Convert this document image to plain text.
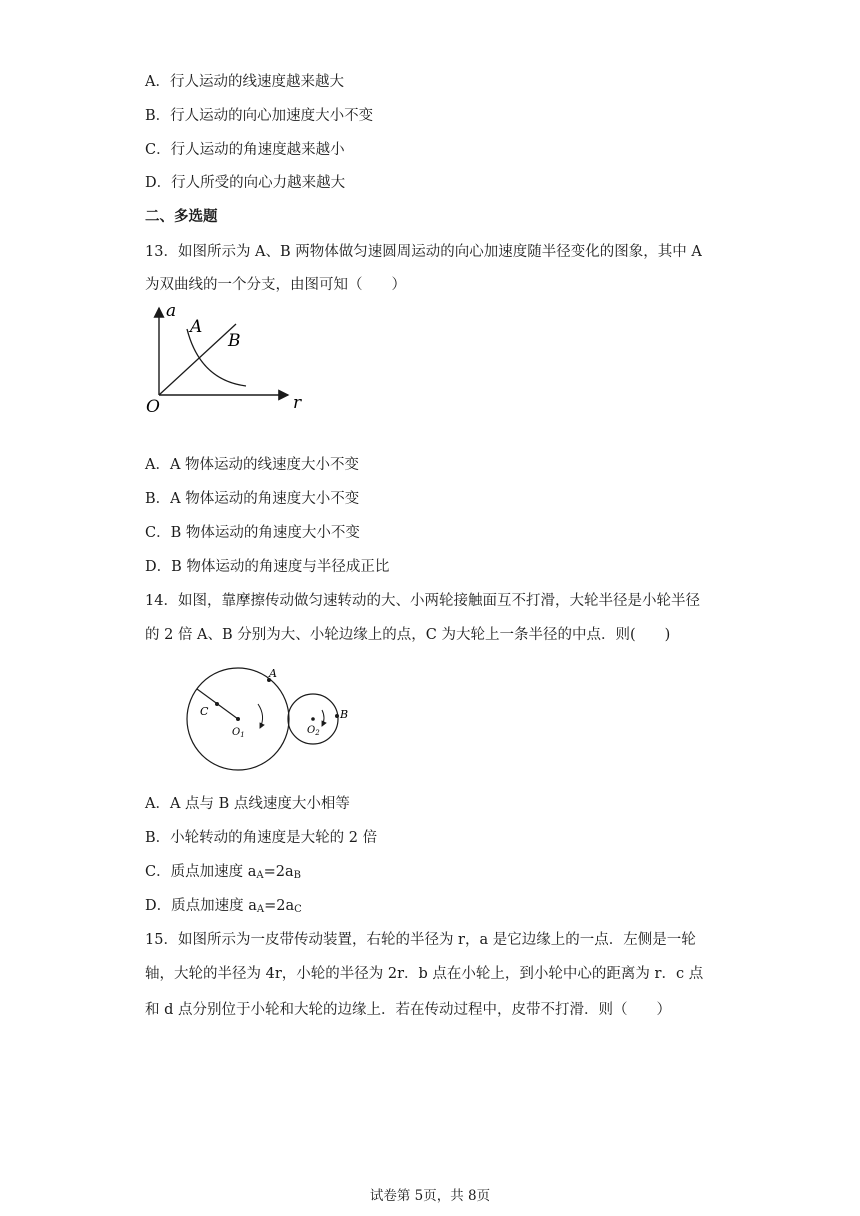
A．行人运动的线速度越来越大
B．行人运动的向心加速度大小不变
C．行人运动的角速度越来越小
D．行人所受的向心力越来越大
二、多选题
13．如图所示为 A、B 两物体做匀速圆周运动的向心加速度随半径变化的图象，其中 A
为双曲线的一个分支，由图可知（　　）
a
A
B
O	r
A．A 物体运动的线速度大小不变
B．A 物体运动的角速度大小不变
C．B 物体运动的角速度大小不变
D．B 物体运动的角速度与半径成正比
14．如图，靠摩擦传动做匀速转动的大、小两轮接触面互不打滑，大轮半径是小轮半径
的 2 倍 A、B 分别为大、小轮边缘上的点，C 为大轮上一条半径的中点．则(　　)
A
C	B
$O_1$	$O_2$
A．A 点与 B 点线速度大小相等
B．小轮转动的角速度是大轮的 2 倍
C．质点加速度 $a_A=2a_B$
D．质点加速度 $a_A=2a_C$
15．如图所示为一皮带传动装置，右轮的半径为 r，a 是它边缘上的一点．左侧是一轮
轴，大轮的半径为 4r，小轮的半径为 2r．b 点在小轮上，到小轮中心的距离为 r．c 点
和 d 点分别位于小轮和大轮的边缘上．若在传动过程中，皮带不打滑．则（　　）
试卷第 5页，共 8页
